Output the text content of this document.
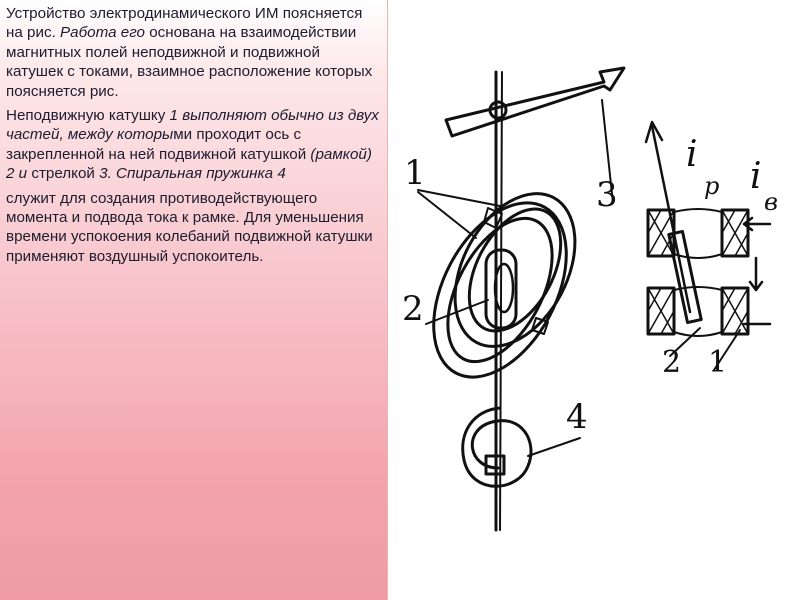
Устройство электродинамического ИМ поясняется на рис. Работа его основана на взаимодействии магнитных полей неподвижной и подвижной катушек с токами, взаимное расположение которых поясняется рис.

Неподвижную катушку 1 выполняют обычно из двух частей, между которыми проходит ось с закрепленной на ней подвижной катушкой (рамкой) 2 и стрелкой 3. Спиральная пружинка 4

служит для создания противодействующего момента и подвода тока к рамке. Для уменьшения времени успокоения колебаний подвижной катушки применяют воздушный успокоитель.

1
2
3
4
i
p i
в
2 1
